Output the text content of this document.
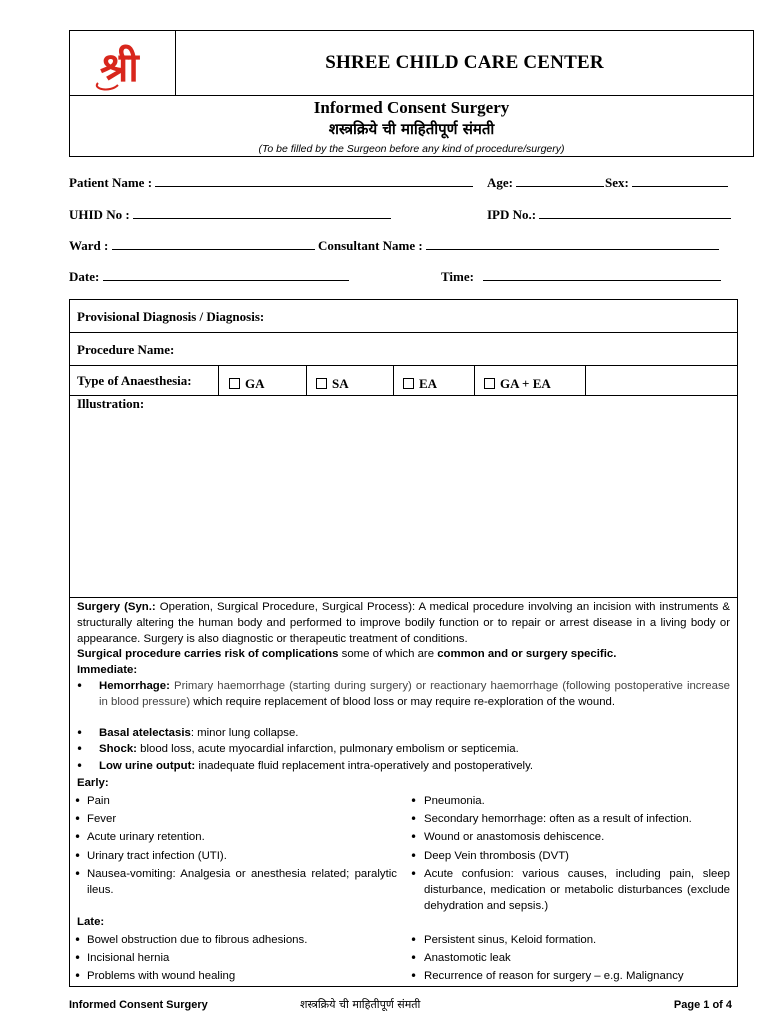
श्री	SHREE CHILD CARE CENTER
Informed Consent Surgery
शस्त्रक्रिये ची माहितीपूर्ण संमती
(To be filled by the Surgeon before any kind of procedure/surgery)
Patient Name :	Age:	Sex:
UHID No :	IPD No.:
Ward :	Consultant Name :
Date:	Time:
Provisional Diagnosis / Diagnosis:
Procedure Name:
Type of Anaesthesia:	GA	SA	EA	GA + EA
Illustration:
Surgery (Syn.: Operation, Surgical Procedure, Surgical Process): A medical procedure involving an incision with instruments & structurally altering the human body and performed to improve bodily function or to repair or arrest disease in a living body or appearance. Surgery is also diagnostic or therapeutic treatment of conditions.
Surgical procedure carries risk of complications some of which are common and or surgery specific.
Immediate:
• Hemorrhage: Primary haemorrhage (starting during surgery) or reactionary haemorrhage (following postoperative increase in blood pressure) which require replacement of blood loss or may require re-exploration of the wound.
• Basal atelectasis: minor lung collapse.
• Shock: blood loss, acute myocardial infarction, pulmonary embolism or septicemia.
• Low urine output: inadequate fluid replacement intra-operatively and postoperatively.
Early:
• Pain
• Fever
• Acute urinary retention.
• Urinary tract infection (UTI).
• Nausea-vomiting: Analgesia or anesthesia related; paralytic ileus.
• Pneumonia.
• Secondary hemorrhage: often as a result of infection.
• Wound or anastomosis dehiscence.
• Deep Vein thrombosis (DVT)
• Acute confusion: various causes, including pain, sleep disturbance, medication or metabolic disturbances (exclude dehydration and sepsis.)
Late:
• Bowel obstruction due to fibrous adhesions.
• Incisional hernia
• Problems with wound healing
• Persistent sinus, Keloid formation.
• Anastomotic leak
• Recurrence of reason for surgery – e.g. Malignancy
Informed Consent Surgery	शस्त्रक्रिये ची माहितीपूर्ण संमती	Page 1 of 4
